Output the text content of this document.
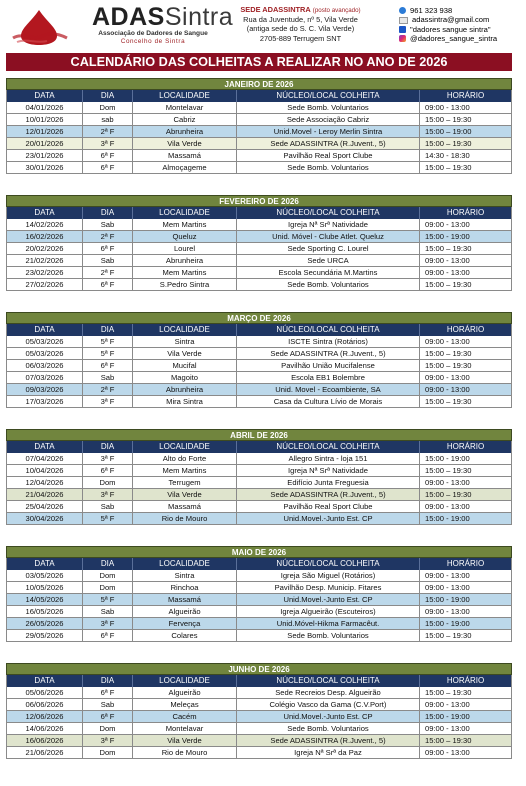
ADASSintra
Associação de Dadores de Sangue
Concelho de Sintra
SEDE ADASSINTRA (posto avançado)
Rua da Juventude, nº 5, Vila Verde
(antiga sede do S. C. Vila Verde)
2705-889 Terrugem SNT
961 323 938
adassintra@gmail.com
"dadores sangue sintra"
@dadores_sangue_sintra
CALENDÁRIO DAS COLHEITAS A REALIZAR NO ANO DE 2026
JANEIRO DE 2026
DATA	DIA	LOCALIDADE	NÚCLEO/LOCAL COLHEITA	HORÁRIO
04/01/2026	Dom	Montelavar	Sede Bomb. Voluntarios	09:00 - 13:00
10/01/2026	sab	Cabriz	Sede Associação Cabriz	15:00 – 19:30
12/01/2026	2ª F	Abrunheira	Unid.Movel - Leroy Merlin Sintra	15:00 – 19:00
20/01/2026	3ª F	Vila Verde	Sede ADASSINTRA (R.Juvent., 5)	15:00 – 19:30
23/01/2026	6ª F	Massamá	Pavilhão Real Sport Clube	14:30 - 18:30
30/01/2026	6ª F	Almoçageme	Sede Bomb. Voluntarios	15:00 – 19:30
FEVEREIRO DE 2026
DATA	DIA	LOCALIDADE	NÚCLEO/LOCAL COLHEITA	HORÁRIO
14/02/2026	Sab	Mem Martins	Igreja Nª Srª Natividade	09:00 - 13:00
16/02/2026	2ª F	Queluz	Unid. Móvel - Clube Atlet. Queluz	15:00 - 19:00
20/02/2026	6ª F	Lourel	Sede Sporting C. Lourel	15:00 – 19:30
21/02/2026	Sab	Abrunheira	Sede URCA	09:00 - 13:00
23/02/2026	2ª F	Mem Martins	Escola Secundária M.Martins	09:00 - 13:00
27/02/2026	6ª F	S.Pedro Sintra	Sede Bomb. Voluntarios	15:00 – 19:30
MARÇO DE 2026
DATA	DIA	LOCALIDADE	NÚCLEO/LOCAL COLHEITA	HORÁRIO
05/03/2026	5ª F	Sintra	ISCTE Sintra (Rotários)	09:00 - 13:00
05/03/2026	5ª F	Vila Verde	Sede ADASSINTRA (R.Juvent., 5)	15:00 – 19:30
06/03/2026	6ª F	Mucifal	Pavilhão União Mucifalense	15:00 – 19:30
07/03/2026	Sab	Magoito	Escola EB1 Bolembre	09:00 - 13:00
09/03/2026	2ª F	Abrunheira	Unid. Movel - Ecoambiente, SA	09:00 - 13:00
17/03/2026	3ª F	Mira Sintra	Casa da Cultura Lívio de Morais	15:00 – 19:30
ABRIL DE 2026
DATA	DIA	LOCALIDADE	NÚCLEO/LOCAL COLHEITA	HORÁRIO
07/04/2026	3ª F	Alto do Forte	Allegro Sintra - loja 151	15:00 - 19:00
10/04/2026	6ª F	Mem Martins	Igreja Nª Srª Natividade	15:00 – 19:30
12/04/2026	Dom	Terrugem	Edifício Junta Freguesia	09:00 - 13:00
21/04/2026	3ª F	Vila Verde	Sede ADASSINTRA (R.Juvent., 5)	15:00 – 19:30
25/04/2026	Sab	Massamá	Pavilhão Real Sport Clube	09:00 - 13:00
30/04/2026	5ª F	Rio de Mouro	Unid.Movel.-Junto Est. CP	15:00 - 19:00
MAIO DE 2026
DATA	DIA	LOCALIDADE	NÚCLEO/LOCAL COLHEITA	HORÁRIO
03/05/2026	Dom	Sintra	Igreja São Miguel (Rotários)	09:00 - 13:00
10/05/2026	Dom	Rinchoa	Pavilhão Desp. Municip. Fitares	09:00 - 13:00
14/05/2026	5ª F	Massamá	Unid.Movel.-Junto Est. CP	15:00 - 19:00
16/05/2026	Sab	Algueirão	Igreja Algueirão (Escuteiros)	09:00 - 13:00
26/05/2026	3ª F	Fervença	Unid.Móvel-Hikma Farmacêut.	15:00 - 19:00
29/05/2026	6ª F	Colares	Sede Bomb. Voluntarios	15:00 – 19:30
JUNHO DE 2026
DATA	DIA	LOCALIDADE	NÚCLEO/LOCAL COLHEITA	HORÁRIO
05/06/2026	6ª F	Algueirão	Sede Recreios Desp. Algueirão	15:00 – 19:30
06/06/2026	Sab	Meleças	Colégio Vasco da Gama (C.V.Port)	09:00 - 13:00
12/06/2026	6ª F	Cacém	Unid.Movel.-Junto Est. CP	15:00 - 19:00
14/06/2026	Dom	Montelavar	Sede Bomb. Voluntarios	09:00 - 13:00
16/06/2026	3ª F	Vila Verde	Sede ADASSINTRA (R.Juvent., 5)	15:00 – 19:30
21/06/2026	Dom	Rio de Mouro	Igreja Nª Srª da Paz	09:00 - 13:00
